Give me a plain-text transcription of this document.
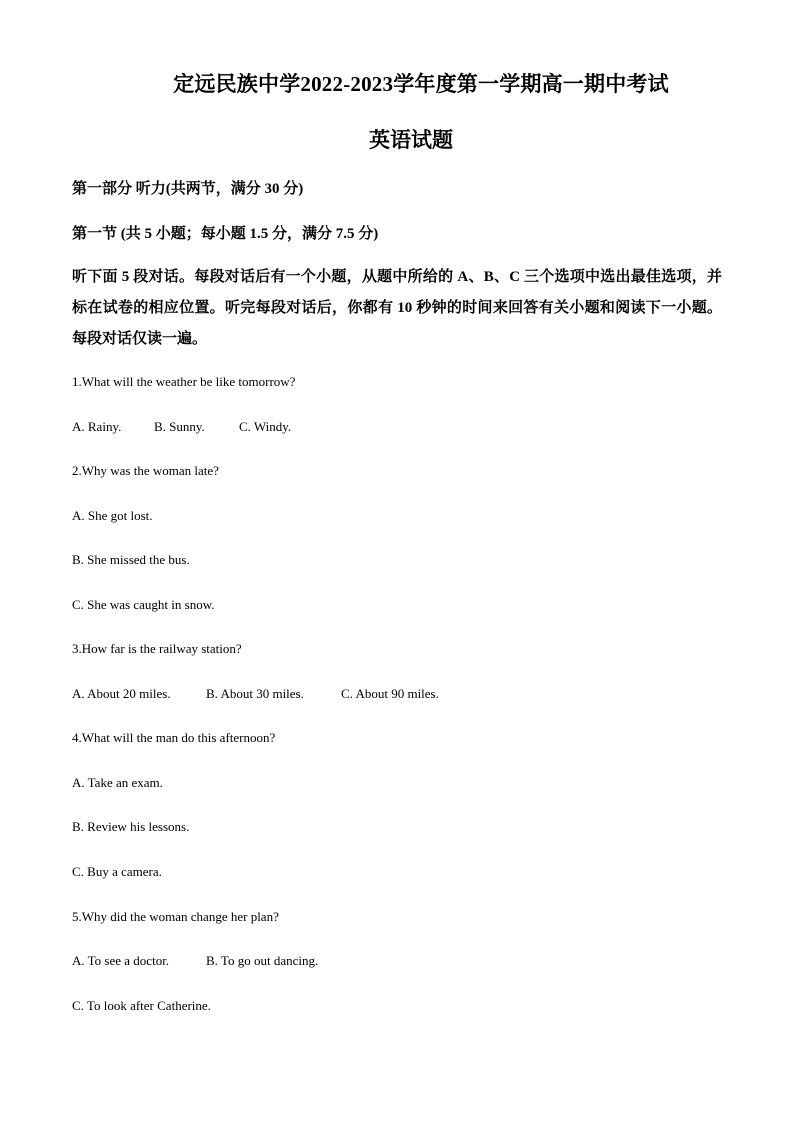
定远民族中学2022-2023学年度第一学期高一期中考试
英语试题
第一部分 听力(共两节，满分 30 分)
第一节 (共 5 小题；每小题 1.5 分，满分 7.5 分)
听下面 5 段对话。每段对话后有一个小题，从题中所给的 A、B、C 三个选项中选出最佳选项，并标在试卷的相应位置。听完每段对话后，你都有 10 秒钟的时间来回答有关小题和阅读下一小题。每段对话仅读一遍。
1.What will the weather be like tomorrow?
A. Rainy.	B. Sunny.	C. Windy.
2.Why was the woman late?
A. She got lost.
B. She missed the bus.
C. She was caught in snow.
3.How far is the railway station?
A. About 20 miles.	B. About 30 miles.	C. About 90 miles.
4.What will the man do this afternoon?
A. Take an exam.
B. Review his lessons.
C. Buy a camera.
5.Why did the woman change her plan?
A. To see a doctor.	B. To go out dancing.
C. To look after Catherine.
